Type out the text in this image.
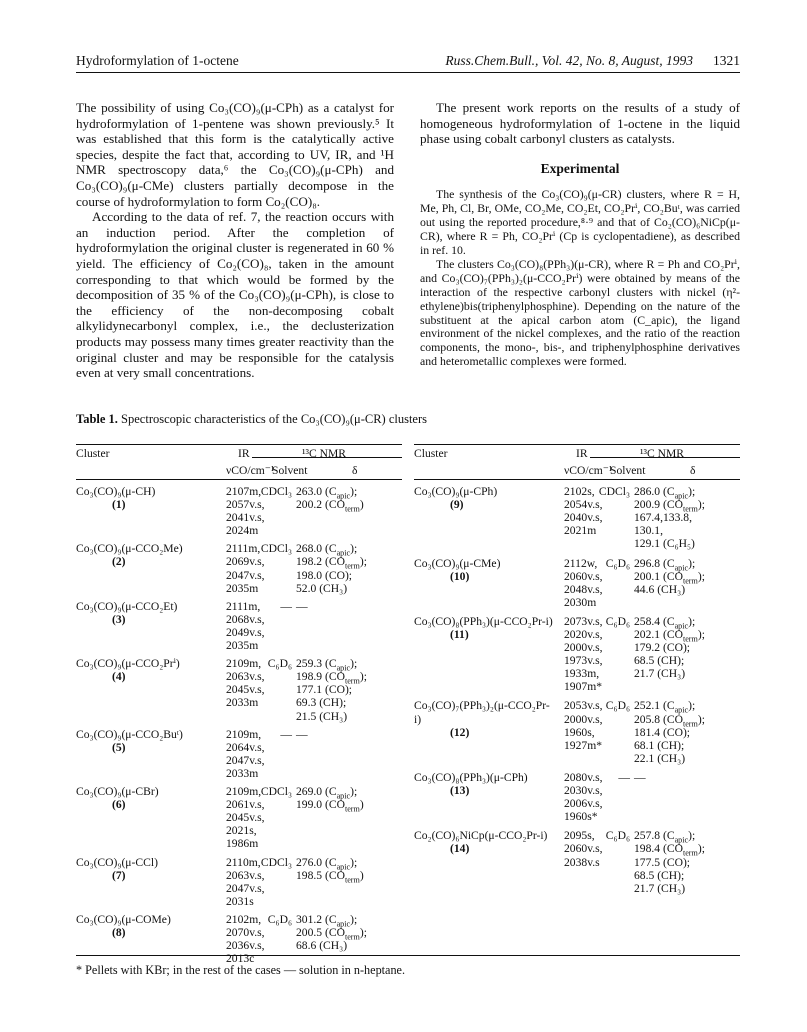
Hydroformylation of 1-octene	Russ.Chem.Bull., Vol. 42, No. 8, August, 1993 1321

The possibility of using Co₃(CO)₉(μ-CPh) as a catalyst for hydroformylation of 1-pentene was shown previously.⁵ It was established that this form is the catalytically active species, despite the fact that, according to UV, IR, and ¹H NMR spectroscopy data,⁶ the Co₃(CO)₉(μ-CPh) and Co₃(CO)₉(μ-CMe) clusters partially decompose in the course of hydroformylation to form Co₂(CO)₈.

According to the data of ref. 7, the reaction occurs with an induction period. After the completion of hydroformylation the original cluster is regenerated in 60 % yield. The efficiency of Co₂(CO)₈, taken in the amount corresponding to that which would be formed by the decomposition of 35 % of the Co₃(CO)₉(μ-CPh), is close to the efficiency of the non-decomposing cobalt alkylidynecarbonyl complex, i.e., the declusterization products may possess many times greater reactivity than the original cluster and may be responsible for the catalysis even at very small concentrations.

The present work reports on the results of a study of homogeneous hydroformylation of 1-octene in the liquid phase using cobalt carbonyl clusters as catalysts.

Experimental

The synthesis of the Co₃(CO)₉(μ-CR) clusters, where R = H, Me, Ph, Cl, Br, OMe, CO₂Me, CO₂Et, CO₂Prⁱ, CO₂Buᵗ, was carried out using the reported procedure,⁸·⁹ and that of Co₂(CO)₆NiCp(μ-CR), where R = Ph, CO₂Prⁱ (Cp is cyclopentadiene), as described in ref. 10.

The clusters Co₃(CO)₈(PPh₃)(μ-CR), where R = Ph and CO₂Prⁱ, and Co₃(CO)₇(PPh₃)₂(μ-CCO₂Prⁱ) were obtained by means of the interaction of the respective carbonyl clusters with nickel (η²-ethylene)bis(triphenylphosphine). Depending on the nature of the substituent at the apical carbon atom (C_apic), the ligand environment of the nickel complexes, and the ratio of the reaction components, the mono-, bis-, and triphenylphosphine derivatives and heterometallic complexes were formed.

Table 1. Spectroscopic characteristics of the Co₃(CO)₉(μ-CR) clusters
Cluster	IR	¹³C NMR
νCO/cm⁻¹
Solvent	δ
Co₃(CO)₉(μ-CH)
(1)
2107m,
2057v.s,
2041v.s,
2024m
CDCl₃ 263.0 $(C_{apic})$;
200.2 $(CO_{term})$
Co₃(CO)₉(μ-CCO₂Me)
(2)
2111m,
2069v.s,
2047v.s,
2035m
CDCl₃ 268.0 $(C_{apic})$;
198.2 $(CO_{term})$;
198.0 (CO);
52.0 (CH₃)
Co₃(CO)₉(μ-CCO₂Et)
(3)
2111m,
2068v.s,
2049v.s,
2035m
— —
Co₃(CO)₉(μ-CCO₂Prⁱ)
(4)
2109m,
2063v.s,
2045v.s,
2033m
C₆D₆ 259.3 $(C_{apic})$;
198.9 $(CO_{term})$;
177.1 (CO);
69.3 (CH);
21.5 (CH₃)
Co₃(CO)₉(μ-CCO₂Buᵗ)
(5)
2109m,
2064v.s,
2047v.s,
2033m
— —
Co₃(CO)₉(μ-CBr)
(6)
2109m,
2061v.s,
2045v.s,
2021s,
1986m
CDCl₃ 269.0 $(C_{apic})$;
199.0 $(CO_{term})$
Co₃(CO)₉(μ-CCl)
(7)
2110m,
2063v.s,
2047v.s,
2031s
CDCl₃ 276.0 $(C_{apic})$;
198.5 $(CO_{term})$
Co₃(CO)₉(μ-COMe)
(8)
2102m,
2070v.s,
2036v.s,
2013c
C₆D₆ 301.2 $(C_{apic})$;
200.5 $(CO_{term})$;
68.6 (CH₃)
Cluster	IR	¹³C NMR
νCO/cm⁻¹
Solvent	δ
Co₃(CO)₉(μ-CPh)
(9)
2102s,
2054v.s,
2040v.s,
2021m
CDCl₃ 286.0 $(C_{apic})$;
200.9 $(CO_{term})$;
167.4,133.8,
130.1,
129.1 (C₆H₅)
Co₃(CO)₉(μ-CMe)
(10)
2112w,
2060v.s,
2048v.s,
2030m
C₆D₆ 296.8 $(C_{apic})$;
200.1 $(CO_{term})$;
44.6 (CH₃)
Co₃(CO)₈(PPh₃)(μ-CCO₂Pr-i)
(11)
2073v.s,
2020v.s,
2000v.s,
1973v.s,
1933m,
1907m*
C₆D₆ 258.4 $(C_{apic})$;
202.1 $(CO_{term})$;
179.2 (CO);
68.5 (CH);
21.7 (CH₃)
Co₃(CO)₇(PPh₃)₂(μ-CCO₂Pr-i)
(12)
2053v.s,
2000v.s,
1960s,
1927m*
C₆D₆ 252.1 $(C_{apic})$;
205.8 $(CO_{term})$;
181.4 (CO);
68.1 (CH);
22.1 (CH₃)
Co₃(CO)₈(PPh₃)(μ-CPh)
(13)
2080v.s,
2030v.s,
2006v.s,
1960s*
— —
Co₂(CO)₆NiCp(μ-CCO₂Pr-i)
(14)
2095s,
2060v.s,
2038v.s
C₆D₆ 257.8 $(C_{apic})$;
198.4 $(CO_{term})$;
177.5 (CO);
68.5 (CH);
21.7 (CH₃)
* Pellets with KBr; in the rest of the cases — solution in n-heptane.
